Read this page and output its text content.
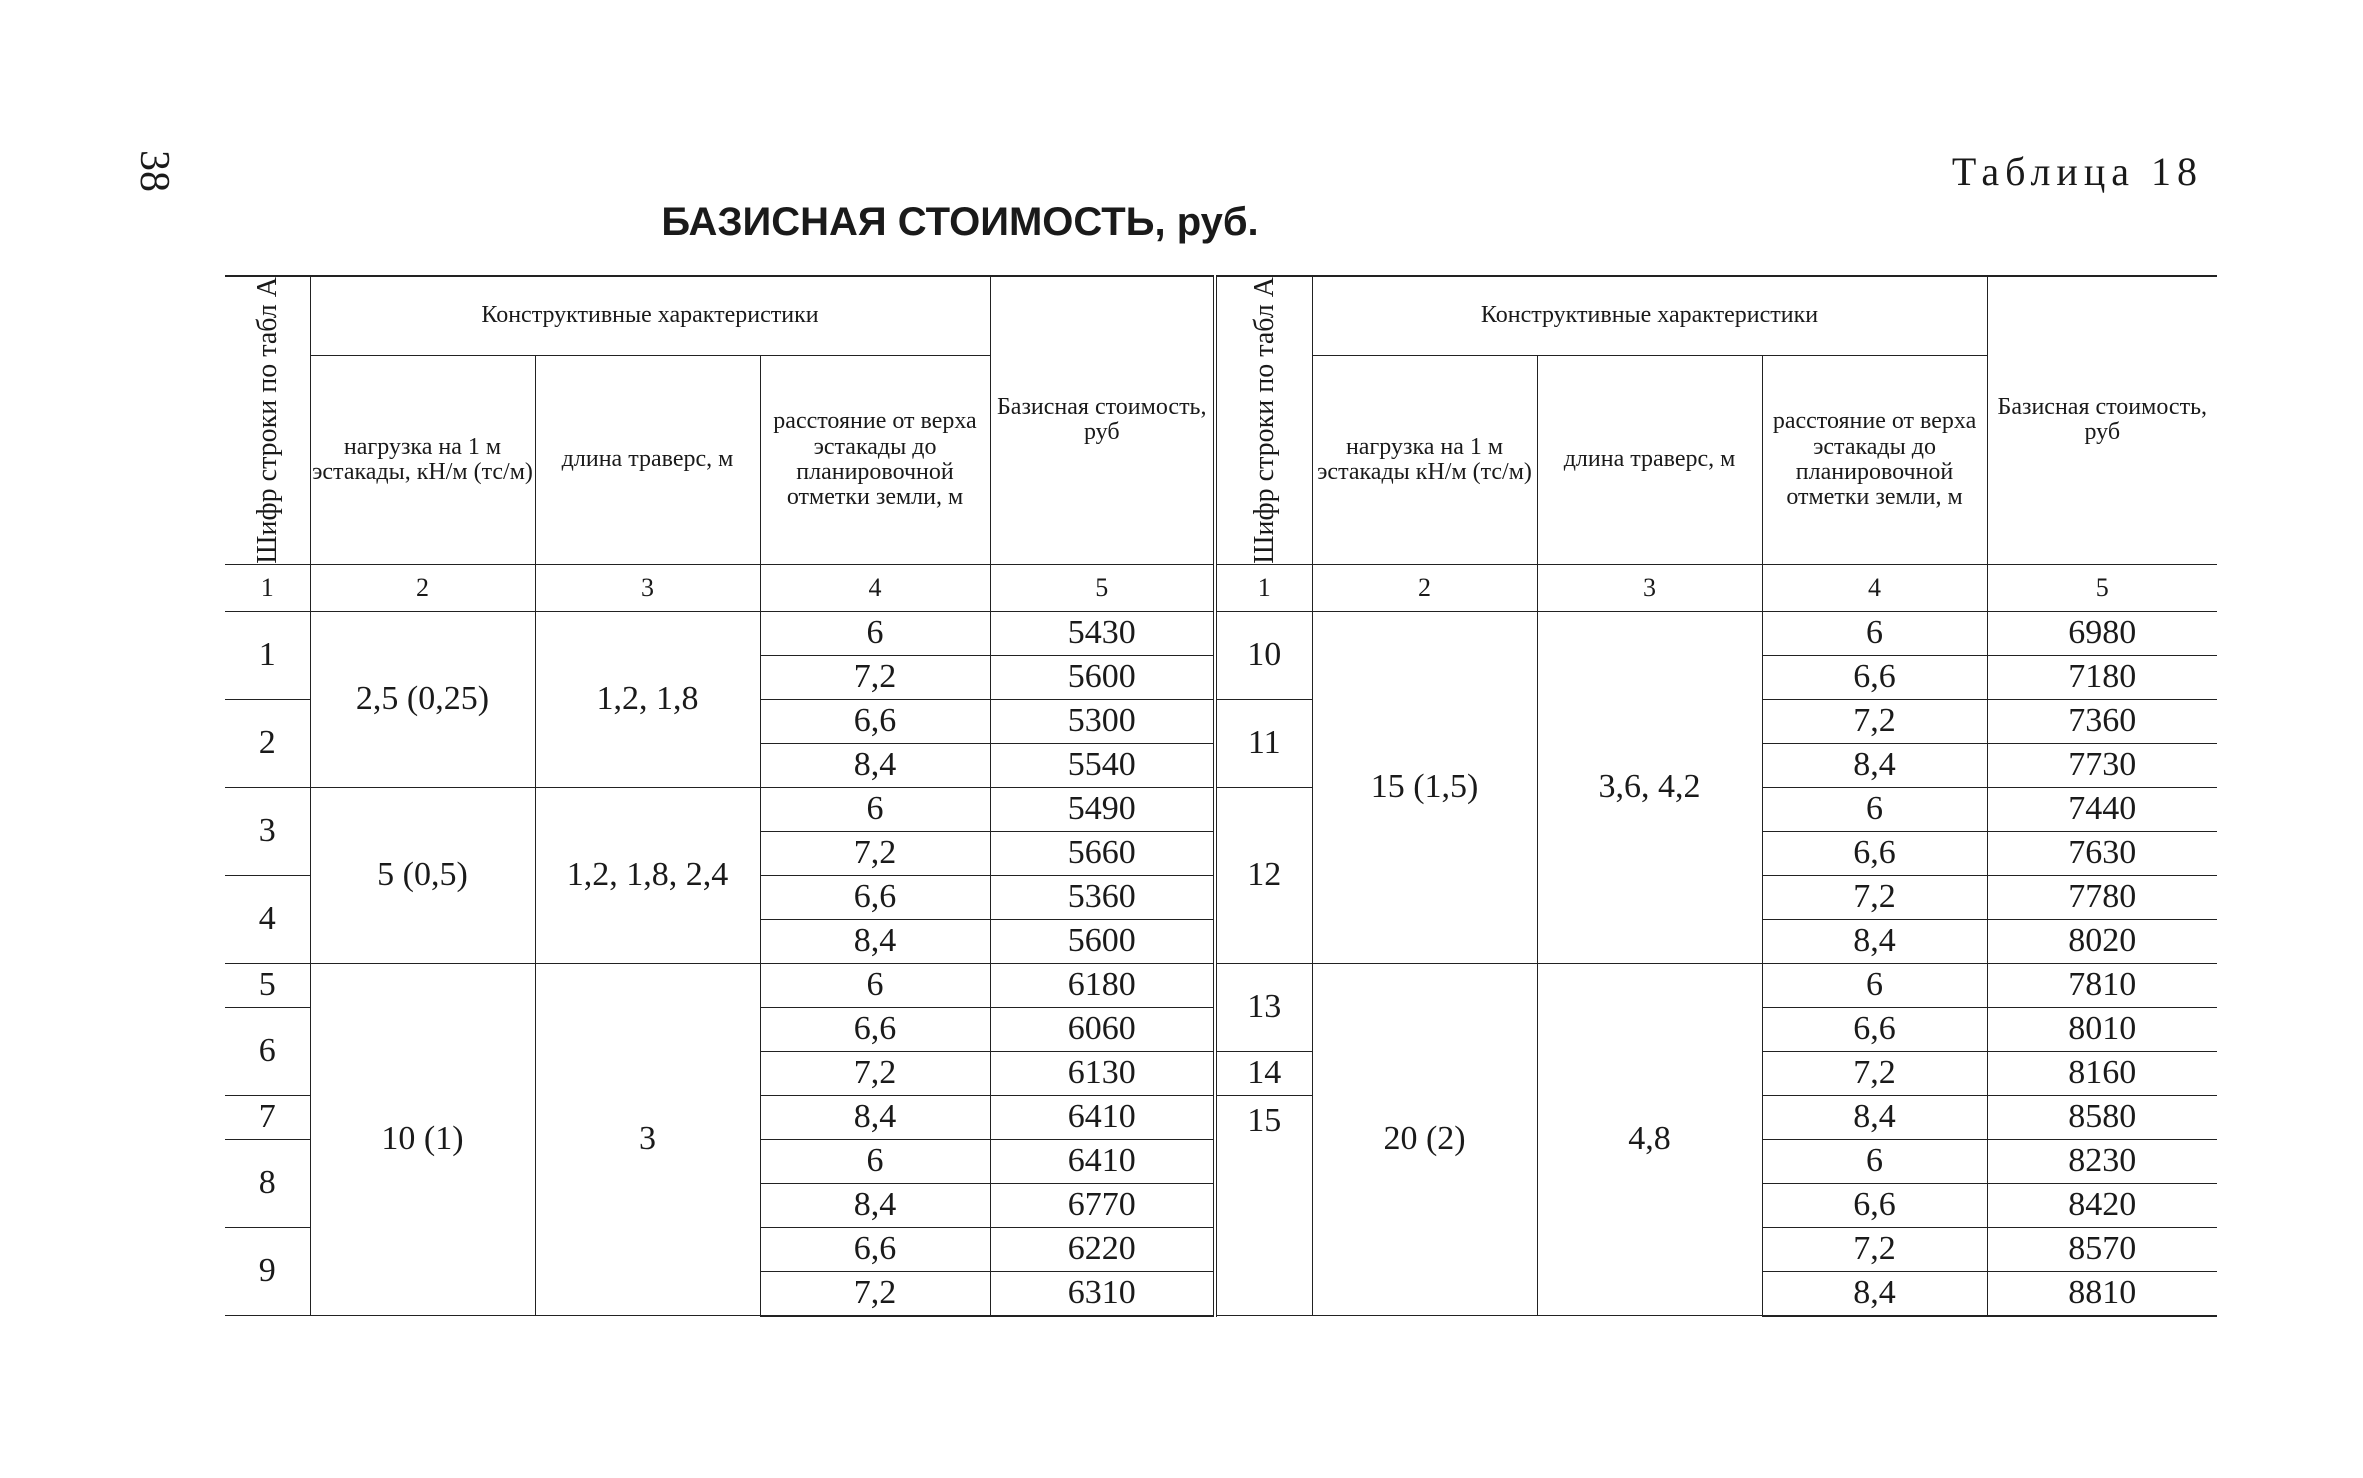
38	Таблица 18
БАЗИСНАЯ СТОИМОСТЬ, руб.
Шифр строки по табл А	Конструктивные характеристики			Базисная стоимость, руб
	нагрузка на 1 м эстакады, кН/м (тс/м)	длина траверс, м	расстояние от верха эстакады до планировочной отметки земли, м	
1	2	3	4	5
1	2,5 (0,25)	1,2, 1,8	6	5430
			7,2	5600
2			6,6	5300
			8,4	5540
3	5 (0,5)	1,2, 1,8, 2,4	6	5490
			7,2	5660
4			6,6	5360
			8,4	5600
5	10 (1)	3	6	6180
6			6,6	6060
			7,2	6130
7			8,4	6410
8			6	6410
			8,4	6770
9			6,6	6220
			7,2	6310
Шифр строки по табл А	Конструктивные характеристики			Базисная стоимость, руб
	нагрузка на 1 м эстакады кН/м (тс/м)	длина траверс, м	расстояние от верха эстакады до планировочной отметки земли, м	
1	2	3	4	5
10	15 (1,5)	3,6, 4,2	6	6980
			6,6	7180
11			7,2	7360
			8,4	7730
12			6	7440
			6,6	7630
			7,2	7780
			8,4	8020
13	20 (2)	4,8	6	7810
			6,6	8010
14			7,2	8160
15			8,4	8580
			6	8230
			6,6	8420
			7,2	8570
			8,4	8810
